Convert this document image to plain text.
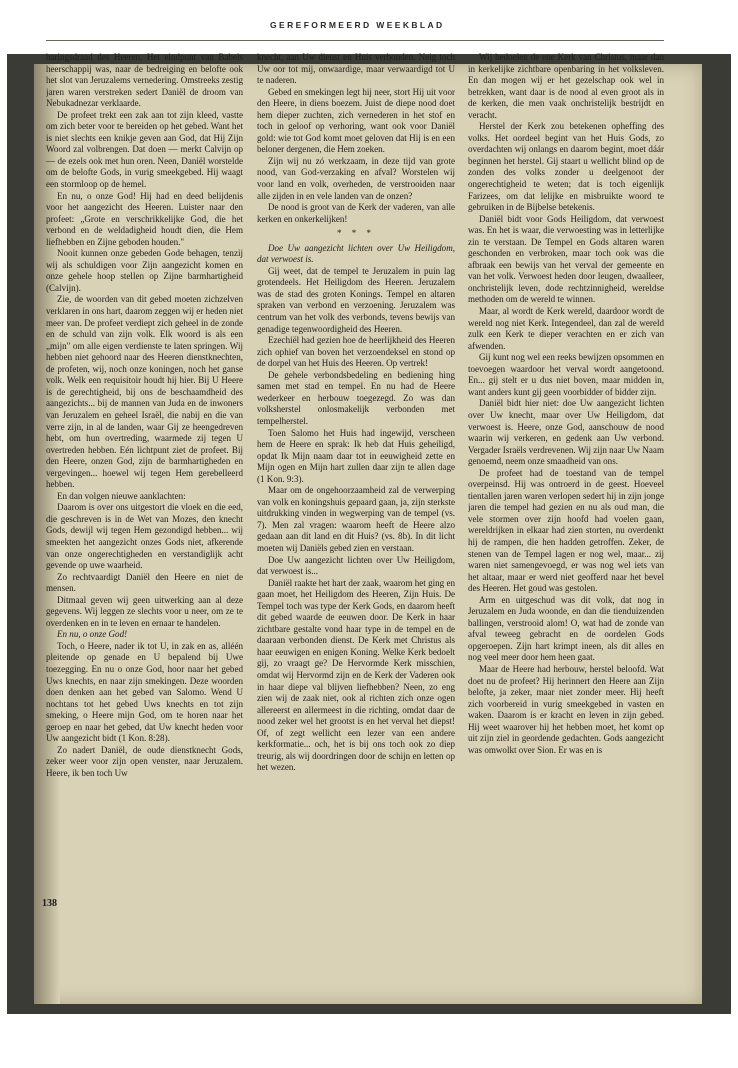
GEREFORMEERD WEEKBLAD

baringsdraad des Heeren. Het eindpunt van Babels heerschappij was, naar de bedreiging en belofte ook het slot van Jeruzalems vernedering. Omstreeks zestig jaren waren verstreken sedert Daniël de droom van Nebukadnezar verklaarde.

De profeet trekt een zak aan tot zijn kleed, vastte om zich beter voor te bereiden op het gebed. Want het is niet slechts een knikje geven aan God, dat Hij Zijn Woord zal volbrengen. Dat doen — merkt Calvijn op — de ezels ook met hun oren. Neen, Daniël worstelde om de belofte Gods, in vurig smeekgebed. Hij waagt een stormloop op de hemel.

En nu, o onze God! Hij had en deed belijdenis voor het aangezicht des Heeren. Luister naar den profeet: „Grote en verschrikkelijke God, die het verbond en de weldadigheid houdt dien, die Hem liefhebben en Zijne geboden houden."

Nooit kunnen onze gebeden Gode behagen, tenzij wij als schuldigen voor Zijn aangezicht komen en onze gehele hoop stellen op Zijne barmhartigheid (Calvijn).

Zie, de woorden van dit gebed moeten zichzelven verklaren in ons hart, daarom zeggen wij er heden niet meer van. De profeet verdiept zich geheel in de zonde en de schuld van zijn volk. Elk woord is als een „mijn" om alle eigen verdienste te laten springen. Wij hebben niet gehoord naar des Heeren dienstknechten, de profeten, wij, noch onze koningen, noch het ganse volk. Welk een requisitoir houdt hij hier. Bij U Heere is de gerechtigheid, bij ons de beschaamdheid des aangezichts... bij de mannen van Juda en de inwoners van Jeruzalem en geheel Israël, die nabij en die van verre zijn, in al de landen, waar Gij ze heengedreven hebt, om hun overtreding, waarmede zij tegen U overtreden hebben. Eén lichtpunt ziet de profeet. Bij den Heere, onzen God, zijn de barmhartigheden en vergevingen... hoewel wij tegen Hem gerebelleerd hebben.

En dan volgen nieuwe aanklachten:

Daarom is over ons uitgestort die vloek en die eed, die geschreven is in de Wet van Mozes, den knecht Gods, dewijl wij tegen Hem gezondigd hebben... wij smeekten het aangezicht onzes Gods niet, afkerende van onze ongerechtigheden en verstandiglijk acht gevende op uwe waarheid.

Zo rechtvaardigt Daniël den Heere en niet de mensen.

Ditmaal geven wij geen uitwerking aan al deze gegevens. Wij leggen ze slechts voor u neer, om ze te overdenken en in te leven en ernaar te handelen.

En nu, o onze God!

Toch, o Heere, nader ik tot U, in zak en as, alléén pleitende op genade en U bepalend bij Uwe toezegging. En nu o onze God, hoor naar het gebed Uws knechts, en naar zijn smekingen. Deze woorden doen denken aan het gebed van Salomo. Wend U nochtans tot het gebed Uws knechts en tot zijn smeking, o Heere mijn God, om te horen naar het geroep en naar het gebed, dat Uw knecht heden voor Uw aangezicht bidt (1 Kon. 8:28).

Zo nadert Daniël, de oude dienstknecht Gods, zeker weer voor zijn open venster, naar Jeruzalem. Heere, ik ben toch Uw

knecht, aan Uw dienst en Huis verbonden. Neig toch Uw oor tot mij, onwaardige, maar verwaardigd tot U te naderen.

Gebed en smekingen legt hij neer, stort Hij uit voor den Heere, in diens boezem. Juist de diepe nood doet hem dieper zuchten, zich vernederen in het stof en toch in geloof op verhoring, want ook voor Daniël gold: wie tot God komt moet geloven dat Hij is en een beloner dergenen, die Hem zoeken.

Zijn wij nu zó werkzaam, in deze tijd van grote nood, van God-verzaking en afval? Worstelen wij voor land en volk, overheden, de verstrooiden naar alle zijden in en vele landen van de onzen?

De nood is groot van de Kerk der vaderen, van alle kerken en onkerkelijken!

* * *

Doe Uw aangezicht lichten over Uw Heiligdom, dat verwoest is.

Gij weet, dat de tempel te Jeruzalem in puin lag grotendeels. Het Heiligdom des Heeren. Jeruzalem was de stad des groten Konings. Tempel en altaren spraken van verbond en verzoening. Jeruzalem was centrum van het volk des verbonds, tevens bewijs van genadige tegenwoordigheid des Heeren.

Ezechiël had gezien hoe de heerlijkheid des Heeren zich ophief van boven het verzoendeksel en stond op de dorpel van het Huis des Heeren. Op vertrek!

De gehele verbondsbedeling en bediening hing samen met stad en tempel. En nu had de Heere wederkeer en herbouw toegezegd. Zo was dan volksherstel onlosmakelijk verbonden met tempelherstel.

Toen Salomo het Huis had ingewijd, verscheen hem de Heere en sprak: Ik heb dat Huis geheiligd, opdat Ik Mijn naam daar tot in eeuwigheid zette en Mijn ogen en Mijn hart zullen daar zijn te allen dage (1 Kon. 9:3).

Maar om de ongehoorzaamheid zal de verwerping van volk en koningshuis gepaard gaan, ja, zijn sterkste uitdrukking vinden in wegwerping van de tempel (vs. 7). Men zal vragen: waarom heeft de Heere alzo gedaan aan dit land en dit Huis? (vs. 8b). In dit licht moeten wij Daniëls gebed zien en verstaan.

Doe Uw aangezicht lichten over Uw Heiligdom, dat verwoest is...

Daniël raakte het hart der zaak, waarom het ging en gaan moet, het Heiligdom des Heeren, Zijn Huis. De Tempel toch was type der Kerk Gods, en daarom heeft dit gebed waarde de eeuwen door. De Kerk in haar zichtbare gestalte vond haar type in de tempel en de daaraan verbonden dienst. De Kerk met Christus als haar eeuwigen en enigen Koning. Welke Kerk bedoelt gij, zo vraagt ge? De Hervormde Kerk misschien, omdat wij Hervormd zijn en de Kerk der Vaderen ook in haar diepe val blijven liefhebben? Neen, zo eng zien wij de zaak niet, ook al richten zich onze ogen allereerst en allermeest in die richting, omdat daar de nood zeker wel het grootst is en het verval het diepst! Of, of zegt wellicht een lezer van een andere kerkformatie... och, het is bij ons toch ook zo diep treurig, als wij doordringen door de schijn en letten op het wezen.

Wij bedoelen de ene Kerk van Christus, maar dan in kerkelijke zichtbare openbaring in het volksleven. En dan mogen wij er het gezelschap ook wel in betrekken, want daar is de nood al even groot als in de kerken, die men vaak onchristelijk bestrijdt en veracht.

Herstel der Kerk zou betekenen opheffing des volks. Het oordeel begint van het Huis Gods, zo overdachten wij onlangs en daarom begint, moet dáár beginnen het herstel. Gij staart u wellicht blind op de zonden des volks zonder u deelgenoot der ongerechtigheid te weten; dat is toch eigenlijk Farizees, om dat lelijke en misbruikte woord te gebruiken in de Bijbelse betekenis.

Daniël bidt voor Gods Heiligdom, dat verwoest was. En het is waar, die verwoesting was in letterlijke zin te verstaan. De Tempel en Gods altaren waren geschonden en verbroken, maar toch ook was die afbraak een bewijs van het verval der gemeente en van het volk. Verwoest heden door leugen, dwaalleer, onchristelijk leven, dode rechtzinnigheid, wereldse methoden om de wereld te winnen.

Maar, al wordt de Kerk wereld, daardoor wordt de wereld nog niet Kerk. Integendeel, dan zal de wereld zulk een Kerk te dieper verachten en er zich van afwenden.

Gij kunt nog wel een reeks bewijzen opsommen en toevoegen waardoor het verval wordt aangetoond. En... gij stelt er u dus niet boven, maar midden in, want anders kunt gij geen voorbidder of bidder zijn.

Daniël bidt hier niet: doe Uw aangezicht lichten over Uw knecht, maar over Uw Heiligdom, dat verwoest is. Heere, onze God, aanschouw de nood waarin wij verkeren, en gedenk aan Uw verbond. Vergader Israëls verdrevenen. Wij zijn naar Uw Naam genoemd, neem onze smaadheid van ons.

De profeet had de toestand van de tempel overpeinsd. Hij was ontroerd in de geest. Hoeveel tientallen jaren waren verlopen sedert hij in zijn jonge jaren die tempel had gezien en nu als oud man, die vele stormen over zijn hoofd had voelen gaan, wereldrijken in elkaar had zien storten, nu overdenkt hij de rampen, die hen hadden getroffen. Zeker, de stenen van de Tempel lagen er nog wel, maar... zij waren niet samengevoegd, er was nog wel iets van het altaar, maar er werd niet geofferd naar het bevel des Heeren. Het goud was gestolen.

Arm en uitgeschud was dit volk, dat nog in Jeruzalem en Juda woonde, en dan die tienduizenden ballingen, verstrooid alom! O, wat had de zonde van afval teweeg gebracht en de oordelen Gods opgeroepen. Zijn hart krimpt ineen, als dit alles en nog veel meer door hem heen gaat.

Maar de Heere had herbouw, herstel beloofd. Wat doet nu de profeet? Hij herinnert den Heere aan Zijn belofte, ja zeker, maar niet zonder meer. Hij heeft zich voorbereid in vurig smeekgebed in vasten en waken. Daarom is er kracht en leven in zijn gebed. Hij weet waarover hij het hebben moet, het komt op uit zijn ziel in geordende gedachten. Gods aangezicht was omwolkt over Sion. Er was en is

138
